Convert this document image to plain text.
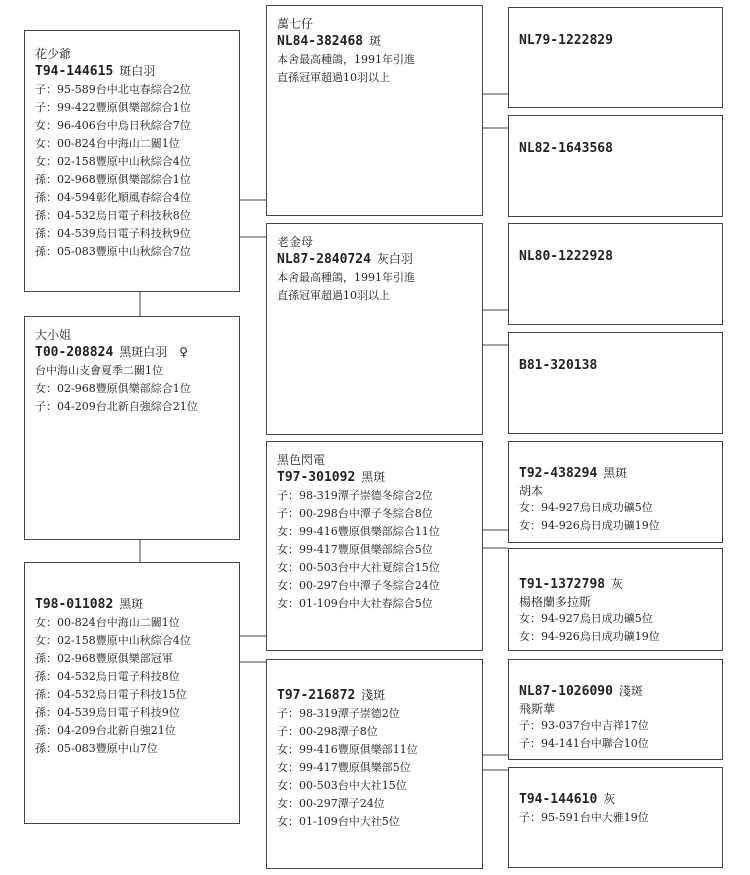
花少爺
T94-144615 斑白羽
子：95-589台中北屯春綜合2位
子：99-422豐原俱樂部綜合1位
女：96-406台中烏日秋綜合7位
女：00-824台中海山二關1位
女：02-158豐原中山秋綜合4位
孫：02-968豐原俱樂部綜合1位
孫：04-594彰化順風春綜合4位
孫：04-532烏日電子科技秋8位
孫：04-539烏日電子科技秋9位
孫：05-083豐原中山秋綜合7位
大小姐
T00-208824 黑斑白羽　♀
台中海山支會夏季二關1位
女：02-968豐原俱樂部綜合1位
子：04-209台北新自強綜合21位
T98-011082 黑斑
女：00-824台中海山二關1位
女：02-158豐原中山秋綜合4位
孫：02-968豐原俱樂部冠軍
孫：04-532烏日電子科技8位
孫：04-532烏日電子科技15位
孫：04-539烏日電子科技9位
孫：04-209台北新自強21位
孫：05-083豐原中山7位
萬七仔
NL84-382468 斑
本舍最高種鴿，1991年引進
直孫冠軍超過10羽以上
老金母
NL87-2840724 灰白羽
本舍最高種鴿，1991年引進
直孫冠軍超過10羽以上
黑色閃電
T97-301092 黑斑
子：98-319潭子崇德冬綜合2位
子：00-298台中潭子冬綜合8位
女：99-416豐原俱樂部綜合11位
女：99-417豐原俱樂部綜合5位
女：00-503台中大社夏綜合15位
女：00-297台中潭子冬綜合24位
女：01-109台中大社春綜合5位
T97-216872 淺斑
子：98-319潭子崇德2位
子：00-298潭子8位
女：99-416豐原俱樂部11位
女：99-417豐原俱樂部5位
女：00-503台中大社15位
女：00-297潭子24位
女：01-109台中大社5位
NL79-1222829
NL82-1643568
NL80-1222928
B81-320138
T92-438294 黑斑
胡本
女：94-927烏日成功礦5位
女：94-926烏日成功礦19位
T91-1372798 灰
楊格蘭多拉斯
女：94-927烏日成功礦5位
女：94-926烏日成功礦19位
NL87-1026090 淺斑
飛斯華
子：93-037台中吉祥17位
子：94-141台中聯合10位
T94-144610 灰
子：95-591台中大雅19位
